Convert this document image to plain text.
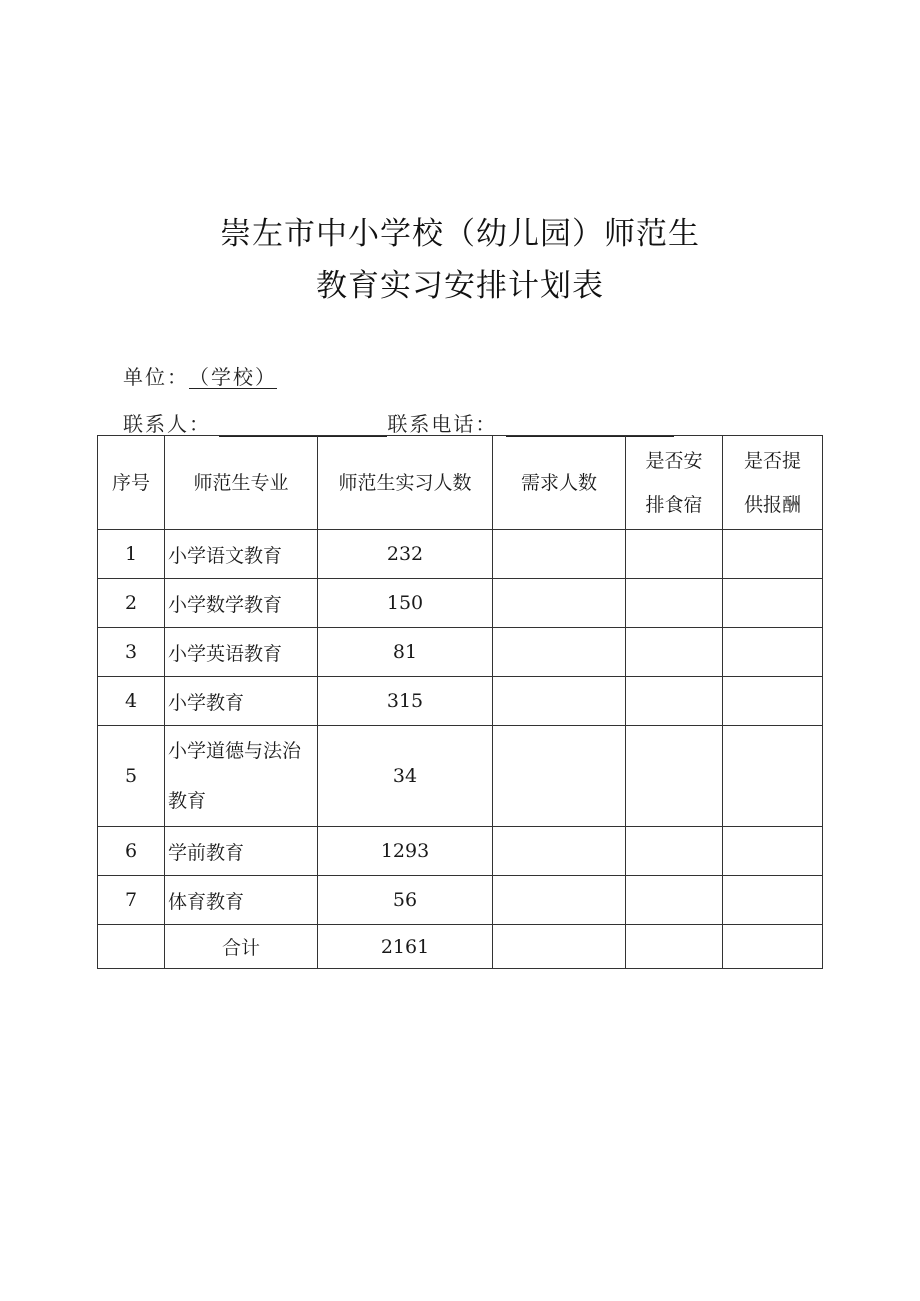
崇左市中小学校（幼儿园）师范生
教育实习安排计划表
单位：（学校）
联系人：	联系电话：
序号	师范生专业	师范生实习人数	需求人数	是否安排食宿	是否提供报酬
1	小学语文教育	232			
2	小学数学教育	150			
3	小学英语教育	81			
4	小学教育	315			
5	小学道德与法治教育	34			
6	学前教育	1293			
7	体育教育	56			
	合计	2161			
